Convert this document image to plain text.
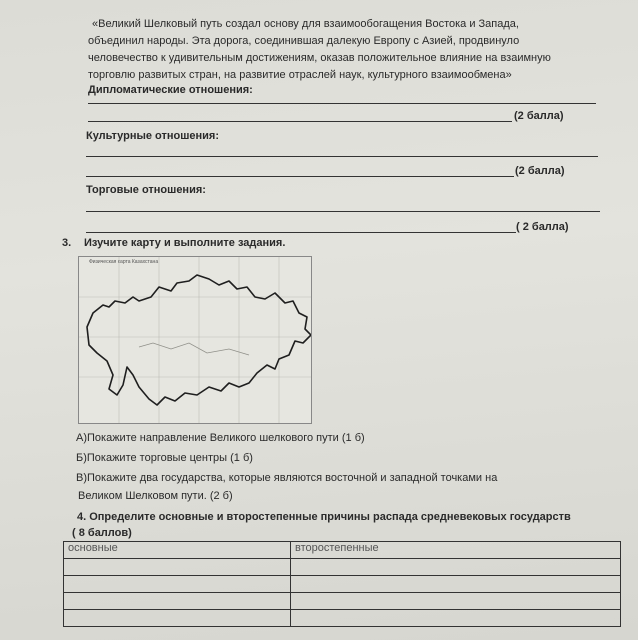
«Великий Шелковый путь создал основу для взаимообогащения Востока и Запада,
объединил народы. Эта дорога, соединившая далекую Европу с Азией, продвинуло
человечество к удивительным достижениям, оказав положительное влияние на взаимную
торговлю развитых стран, на развитие отраслей наук, культурного взаимообмена»
Дипломатические отношения:
(2 балла)
Культурные отношения:
(2 балла)
Торговые отношения:
( 2 балла)
3. Изучите карту и выполните задания.
Физическая карта Казахстана
А)Покажите направление Великого шелкового пути (1 б)
Б)Покажите торговые центры (1 б)
В)Покажите два государства, которые являются восточной и западной точками на
Великом Шелковом пути. (2 б)
4. Определите основные и второстепенные причины распада средневековых государств
( 8 баллов)
основные	второстепенные
